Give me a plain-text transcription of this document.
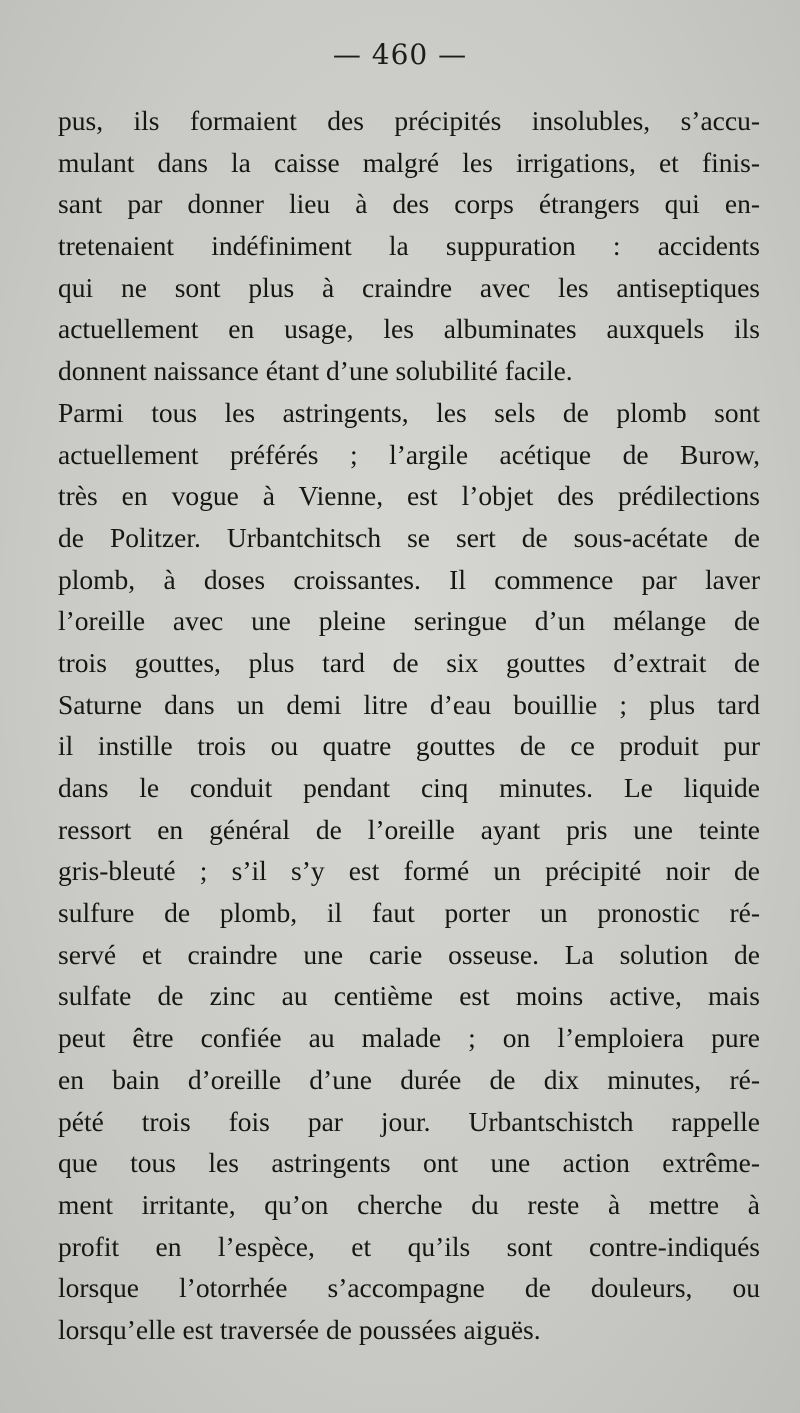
— 460 —
pus, ils formaient des précipités insolubles, s’accu-
mulant dans la caisse malgré les irrigations, et finis-
sant par donner lieu à des corps étrangers qui en-
tretenaient indéfiniment la suppuration : accidents
qui ne sont plus à craindre avec les antiseptiques
actuellement en usage, les albuminates auxquels ils
donnent naissance étant d’une solubilité facile.
Parmi tous les astringents, les sels de plomb sont
actuellement préférés ; l’argile acétique de Burow,
très en vogue à Vienne, est l’objet des prédilections
de Politzer. Urbantchitsch se sert de sous-acétate de
plomb, à doses croissantes. Il commence par laver
l’oreille avec une pleine seringue d’un mélange de
trois gouttes, plus tard de six gouttes d’extrait de
Saturne dans un demi litre d’eau bouillie ; plus tard
il instille trois ou quatre gouttes de ce produit pur
dans le conduit pendant cinq minutes. Le liquide
ressort en général de l’oreille ayant pris une teinte
gris-bleuté ; s’il s’y est formé un précipité noir de
sulfure de plomb, il faut porter un pronostic ré-
servé et craindre une carie osseuse. La solution de
sulfate de zinc au centième est moins active, mais
peut être confiée au malade ; on l’emploiera pure
en bain d’oreille d’une durée de dix minutes, ré-
pété trois fois par jour. Urbantschistch rappelle
que tous les astringents ont une action extrême-
ment irritante, qu’on cherche du reste à mettre à
profit en l’espèce, et qu’ils sont contre-indiqués
lorsque l’otorrhée s’accompagne de douleurs, ou
lorsqu’elle est traversée de poussées aiguës.
